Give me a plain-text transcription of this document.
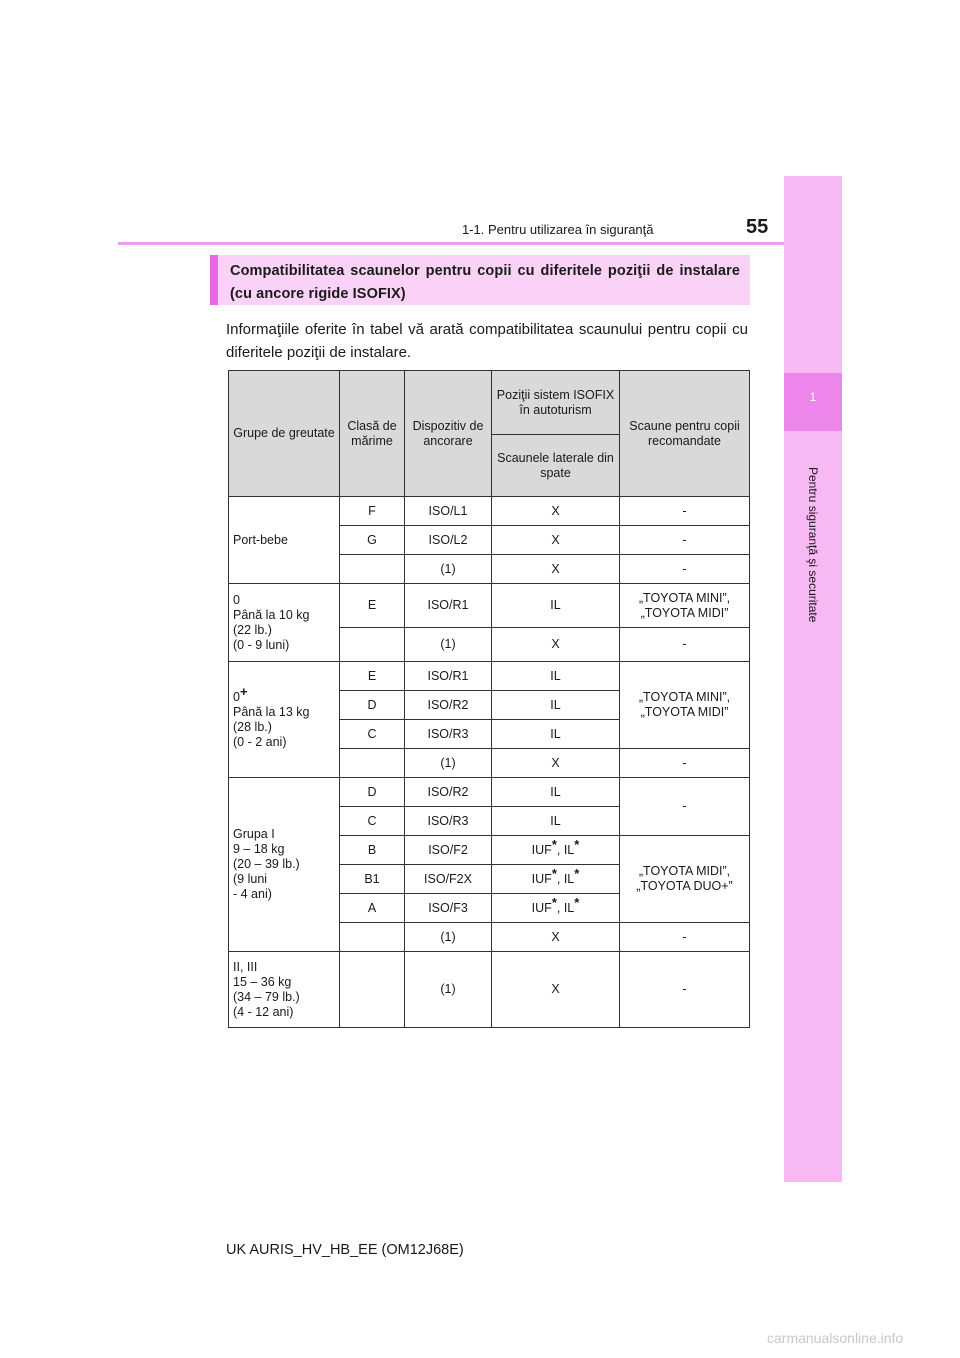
1
Pentru siguranţă şi securitate
1-1. Pentru utilizarea în siguranţă	55
Compatibilitatea scaunelor pentru copii cu diferitele poziţii de instalare (cu ancore rigide ISOFIX)
Informaţiile oferite în tabel vă arată compatibilitatea scaunului pentru copii cu diferitele poziţii de instalare.
Grupe de greutate	Clasă de mărime	Dispozitiv de ancorare	Poziţii sistem ISOFIX în autoturism	Scaune pentru copii recomandate
			Scaunele laterale din spate	
Port-bebe	F	ISO/L1	X	-
	G	ISO/L2	X	-
		(1)	X	-
0
Până la 10 kg
(22 lb.)
(0 - 9 luni)	E	ISO/R1	IL	„TOYOTA MINI”,
„TOYOTA MIDI”
		(1)	X	-
0+
Până la 13 kg
(28 lb.)
(0 - 2 ani)	E	ISO/R1	IL	„TOYOTA MINI”,
„TOYOTA MIDI”
	D	ISO/R2	IL	
	C	ISO/R3	IL	
		(1)	X	-
Grupa I
9 – 18 kg
(20 – 39 lb.)
(9 luni
- 4 ani)	D	ISO/R2	IL	-
	C	ISO/R3	IL	
	B	ISO/F2	IUF*, IL*	„TOYOTA MIDI”,
„TOYOTA DUO+”
	B1	ISO/F2X	IUF*, IL*
	A	ISO/F3	IUF*, IL*
		(1)	X	-
II, III
15 – 36 kg
(34 – 79 lb.)
(4 - 12 ani)		(1)	X	-
UK AURIS_HV_HB_EE (OM12J68E)
carmanualsonline.info
